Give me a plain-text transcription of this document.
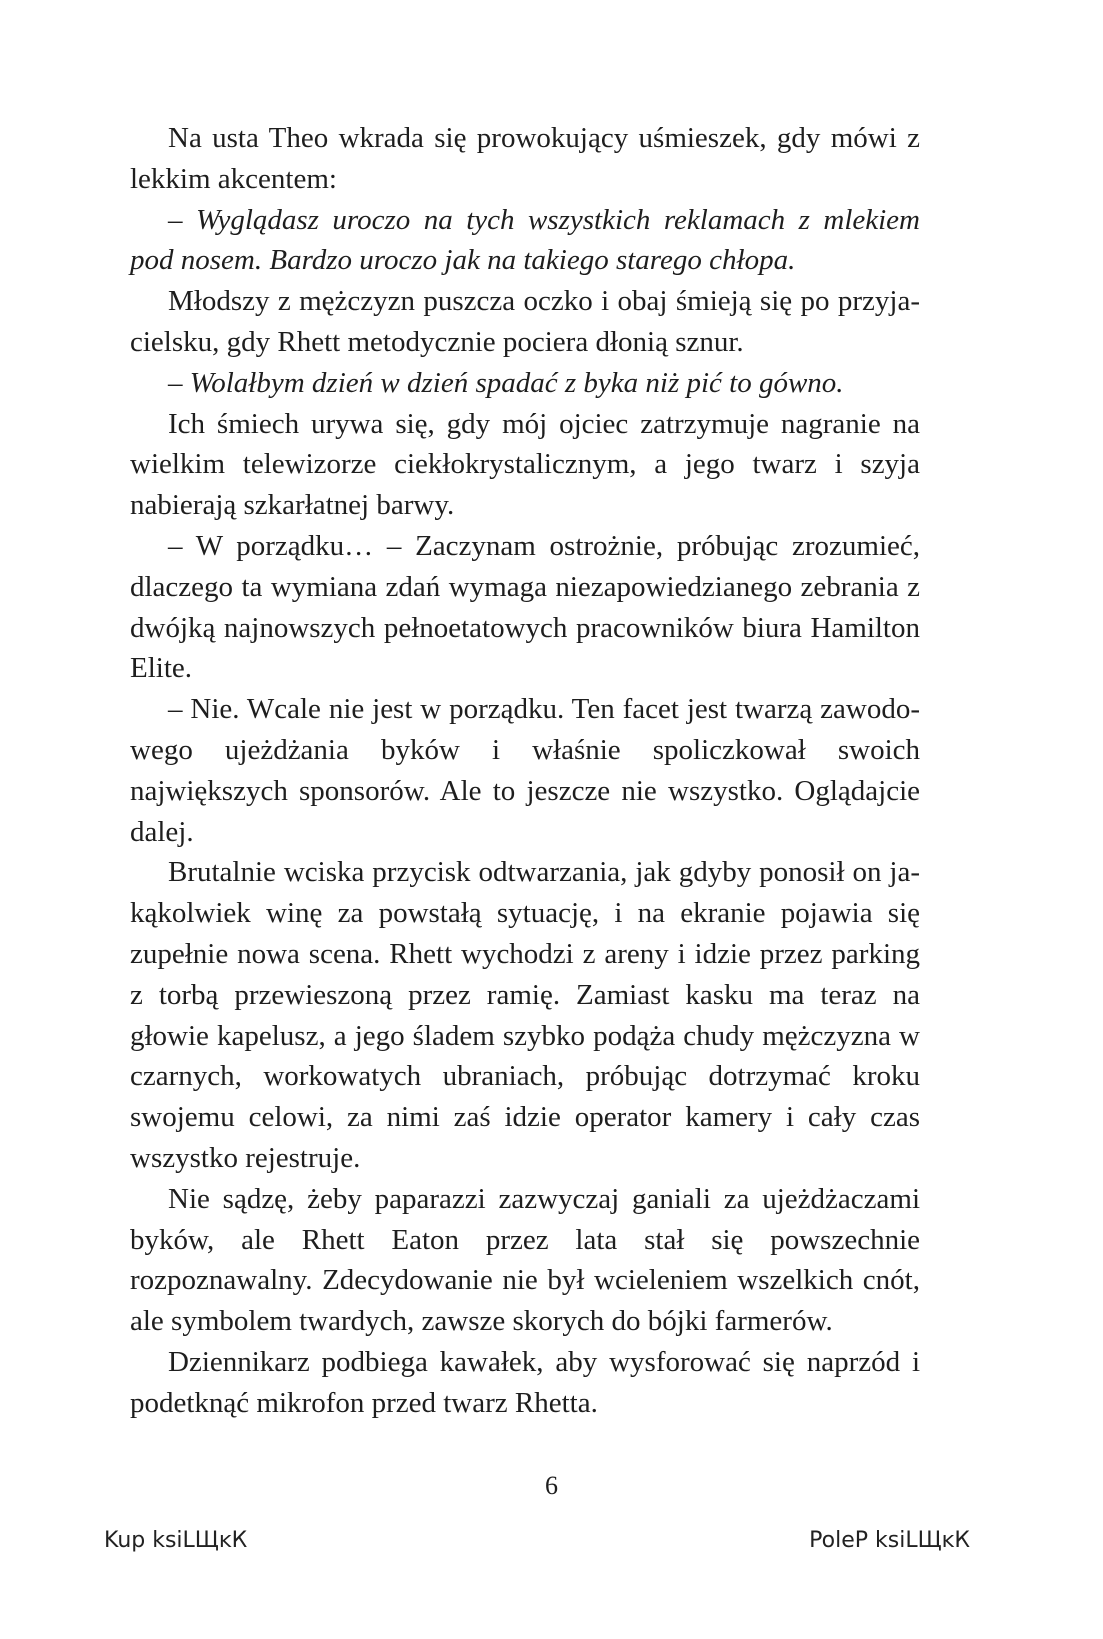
Na usta Theo wkrada się prowokujący uśmieszek, gdy mówi z lekkim akcentem:

– Wyglądasz uroczo na tych wszystkich reklamach z mlekiem pod nosem. Bardzo uroczo jak na takiego starego chłopa.

Młodszy z mężczyzn puszcza oczko i obaj śmieją się po przyjacielsku, gdy Rhett metodycznie pociera dłonią sznur.

– Wolałbym dzień w dzień spadać z byka niż pić to gówno.

Ich śmiech urywa się, gdy mój ojciec zatrzymuje nagranie na wielkim telewizorze ciekłokrystalicznym, a jego twarz i szyja nabierają szkarłatnej barwy.

– W porządku… – Zaczynam ostrożnie, próbując zrozumieć, dlaczego ta wymiana zdań wymaga niezapowiedzianego zebrania z dwójką najnowszych pełnoetatowych pracowników biura Hamilton Elite.

– Nie. Wcale nie jest w porządku. Ten facet jest twarzą zawodowego ujeżdżania byków i właśnie spoliczkował swoich największych sponsorów. Ale to jeszcze nie wszystko. Oglądajcie dalej.

Brutalnie wciska przycisk odtwarzania, jak gdyby ponosił on jakąkolwiek winę za powstałą sytuację, i na ekranie pojawia się zupełnie nowa scena. Rhett wychodzi z areny i idzie przez parking z torbą przewieszoną przez ramię. Zamiast kasku ma teraz na głowie kapelusz, a jego śladem szybko podąża chudy mężczyzna w czarnych, workowatych ubraniach, próbując dotrzymać kroku swojemu celowi, za nimi zaś idzie operator kamery i cały czas wszystko rejestruje.

Nie sądzę, żeby paparazzi zazwyczaj ganiali za ujeżdżaczami byków, ale Rhett Eaton przez lata stał się powszechnie rozpoznawalny. Zdecydowanie nie był wcieleniem wszelkich cnót, ale symbolem twardych, zawsze skorych do bójki farmerów.

Dziennikarz podbiega kawałek, aby wysforować się naprzód i podetknąć mikrofon przed twarz Rhetta.

6
Kup ksiLЩĸК	PoleP ksiLЩĸК
